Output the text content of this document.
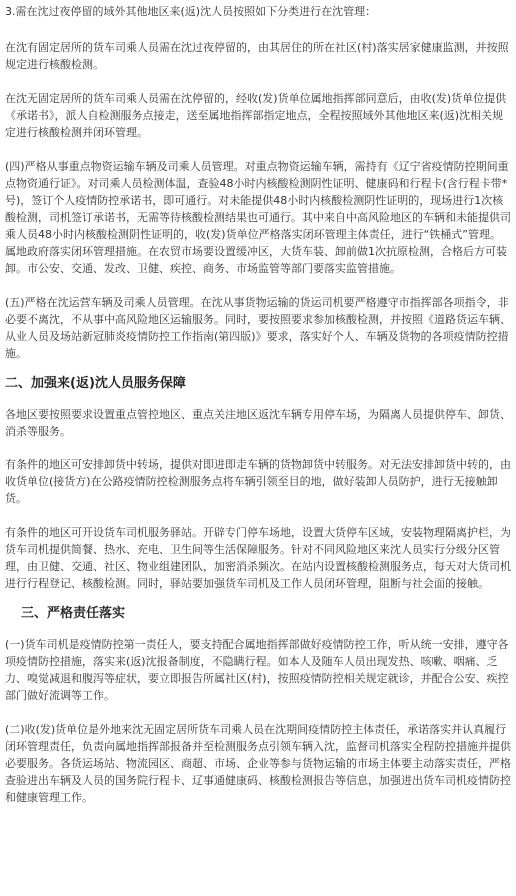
3.需在沈过夜停留的域外其他地区来(返)沈人员按照如下分类进行在沈管理：

在沈有固定居所的货车司乘人员需在沈过夜停留的，由其居住的所在社区(村)落实居家健康监测，并按照规定进行核酸检测。

在沈无固定居所的货车司乘人员需在沈停留的，经收(发)货单位属地指挥部同意后，由收(发)货单位提供《承诺书》，派人自检测服务点接走，送至属地指挥部指定地点，全程按照域外其他地区来(返)沈相关规定进行核酸检测并闭环管理。

(四)严格从事重点物资运输车辆及司乘人员管理。对重点物资运输车辆，需持有《辽宁省疫情防控期间重点物资通行证》。对司乘人员检测体温，查验48小时内核酸检测阴性证明、健康码和行程卡(含行程卡带*号)，签订个人疫情防控承诺书，即可通行。对未能提供48小时内核酸检测阴性证明的，现场进行1次核酸检测，司机签订承诺书，无需等待核酸检测结果也可通行。其中来自中高风险地区的车辆和未能提供司乘人员48小时内核酸检测阴性证明的，收(发)货单位严格落实闭环管理主体责任，进行“铁桶式”管理。属地政府落实闭环管理措施。在农贸市场要设置缓冲区，大货车装、卸前做1次抗原检测，合格后方可装卸。市公安、交通、发改、卫健、疾控、商务、市场监管等部门要落实监管措施。

(五)严格在沈运营车辆及司乘人员管理。在沈从事货物运输的货运司机要严格遵守市指挥部各项指令，非必要不离沈，不从事中高风险地区运输服务。同时，要按照要求参加核酸检测，并按照《道路货运车辆、从业人员及场站新冠肺炎疫情防控工作指南(第四版)》要求，落实好个人、车辆及货物的各项疫情防控措施。

二、加强来(返)沈人员服务保障

各地区要按照要求设置重点管控地区、重点关注地区返沈车辆专用停车场，为隔离人员提供停车、卸货、消杀等服务。

有条件的地区可安排卸货中转场，提供对即进即走车辆的货物卸货中转服务。对无法安排卸货中转的，由收货单位(接货方)在公路疫情防控检测服务点将车辆引领至目的地，做好装卸人员防护，进行无接触卸货。

有条件的地区可开设货车司机服务驿站。开辟专门停车场地，设置大货停车区域，安装物理隔离护栏，为货车司机提供简餐、热水、充电、卫生间等生活保障服务。针对不同风险地区来沈人员实行分级分区管理，由卫健、交通、社区、物业组建团队，加密消杀频次。在站内设置核酸检测服务点，每天对大货司机进行行程登记、核酸检测。同时，驿站要加强货车司机及工作人员闭环管理，阻断与社会面的接触。

三、严格责任落实

(一)货车司机是疫情防控第一责任人，要支持配合属地指挥部做好疫情防控工作，听从统一安排，遵守各项疫情防控措施，落实来(返)沈报备制度，不隐瞒行程。如本人及随车人员出现发热、咳嗽、咽痛、乏力、嗅觉减退和腹泻等症状，要立即报告所属社区(村)，按照疫情防控相关规定就诊，并配合公安、疾控部门做好流调等工作。

(二)收(发)货单位是外地来沈无固定居所货车司乘人员在沈期间疫情防控主体责任，承诺落实并认真履行闭环管理责任，负责向属地指挥部报备并至检测服务点引领车辆入沈，监督司机落实全程防控措施并提供必要服务。各货运场站、物流园区、商超、市场、企业等参与货物运输的市场主体要主动落实责任，严格查验进出车辆及人员的国务院行程卡、辽事通健康码、核酸检测报告等信息，加强进出货车司机疫情防控和健康管理工作。
